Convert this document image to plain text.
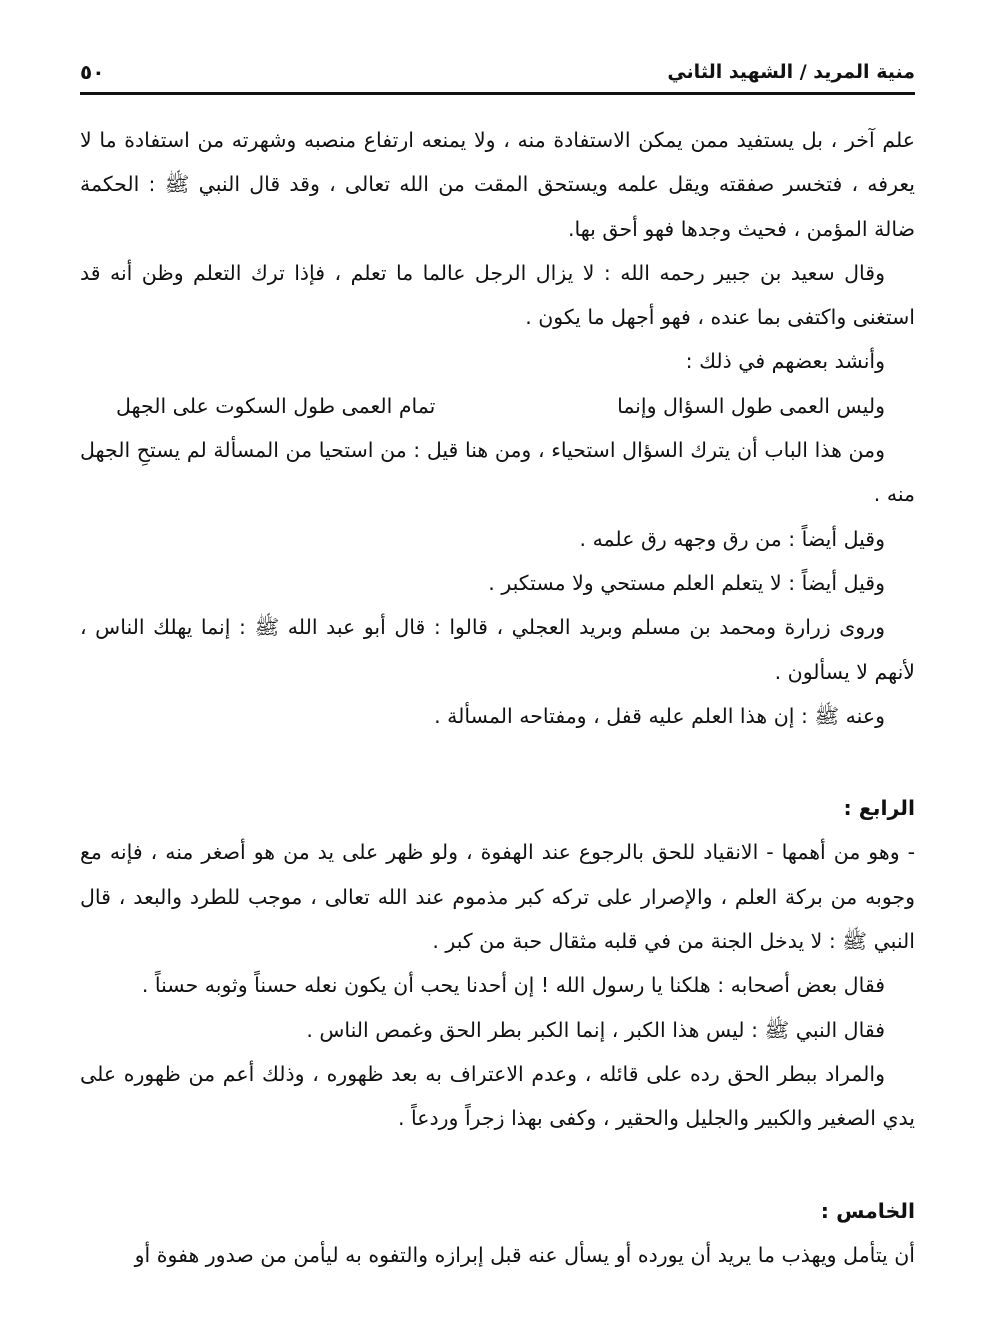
منية المريد / الشهيد الثاني
٥٠

علم آخر ، بل يستفيد ممن يمكن الاستفادة منه ، ولا يمنعه ارتفاع منصبه وشهرته من استفادة ما لا يعرفه ، فتخسر صفقته ويقل علمه ويستحق المقت من الله تعالى ، وقد قال النبي ﷺ : الحكمة ضالة المؤمن ، فحيث وجدها فهو أحق بها.

وقال سعيد بن جبير رحمه الله : لا يزال الرجل عالما ما تعلم ، فإذا ترك التعلم وظن أنه قد استغنى واكتفى بما عنده ، فهو أجهل ما يكون .

وأنشد بعضهم في ذلك :

وليس العمى طول السؤال وإنما
تمام العمى طول السكوت على الجهل

ومن هذا الباب أن يترك السؤال استحياء ، ومن هنا قيل : من استحيا من المسألة لم يستحِ الجهل منه .

وقيل أيضاً : من رق وجهه رق علمه .

وقيل أيضاً : لا يتعلم العلم مستحي ولا مستكبر .

وروى زرارة ومحمد بن مسلم وبريد العجلي ، قالوا : قال أبو عبد الله ﷺ : إنما يهلك الناس ، لأنهم لا يسألون .

وعنه ﷺ : إن هذا العلم عليه قفل ، ومفتاحه المسألة .

الرابع :

- وهو من أهمها - الانقياد للحق بالرجوع عند الهفوة ، ولو ظهر على يد من هو أصغر منه ، فإنه مع وجوبه من بركة العلم ، والإصرار على تركه كبر مذموم عند الله تعالى ، موجب للطرد والبعد ، قال النبي ﷺ : لا يدخل الجنة من في قلبه مثقال حبة من كبر .

فقال بعض أصحابه : هلكنا يا رسول الله ! إن أحدنا يحب أن يكون نعله حسناً وثوبه حسناً .

فقال النبي ﷺ : ليس هذا الكبر ، إنما الكبر بطر الحق وغمص الناس .

والمراد ببطر الحق رده على قائله ، وعدم الاعتراف به بعد ظهوره ، وذلك أعم من ظهوره على يدي الصغير والكبير والجليل والحقير ، وكفى بهذا زجراً وردعاً .

الخامس :

أن يتأمل ويهذب ما يريد أن يورده أو يسأل عنه قبل إبرازه والتفوه به ليأمن من صدور هفوة أو
